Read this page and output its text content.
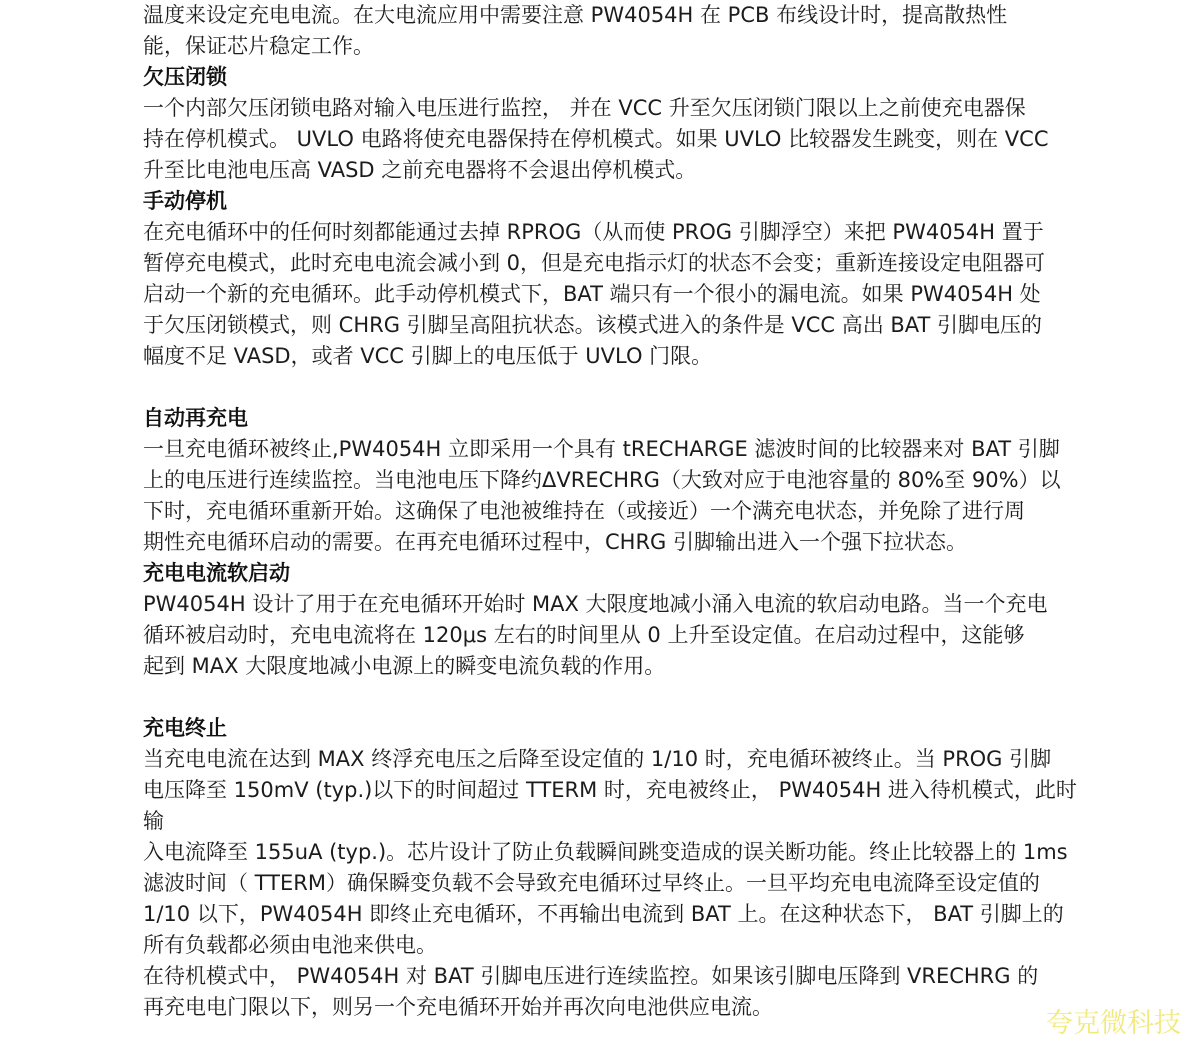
温度来设定充电电流。在大电流应用中需要注意 PW4054H 在 PCB 布线设计时，提高散热性
能，保证芯片稳定工作。
欠压闭锁
一个内部欠压闭锁电路对输入电压进行监控， 并在 VCC 升至欠压闭锁门限以上之前使充电器保
持在停机模式。 UVLO 电路将使充电器保持在停机模式。如果 UVLO 比较器发生跳变，则在 VCC
升至比电池电压高 VASD 之前充电器将不会退出停机模式。
手动停机
在充电循环中的任何时刻都能通过去掉 RPROG（从而使 PROG 引脚浮空）来把 PW4054H 置于
暂停充电模式，此时充电电流会减小到 0，但是充电指示灯的状态不会变；重新连接设定电阻器可
启动一个新的充电循环。此手动停机模式下，BAT 端只有一个很小的漏电流。如果 PW4054H 处
于欠压闭锁模式，则 CHRG 引脚呈高阻抗状态。该模式进入的条件是 VCC 高出 BAT 引脚电压的
幅度不足 VASD，或者 VCC 引脚上的电压低于 UVLO 门限。
自动再充电
一旦充电循环被终止,PW4054H 立即采用一个具有 tRECHARGE 滤波时间的比较器来对 BAT 引脚
上的电压进行连续监控。当电池电压下降约ΔVRECHRG（大致对应于电池容量的 80%至 90%）以
下时，充电循环重新开始。这确保了电池被维持在（或接近）一个满充电状态，并免除了进行周
期性充电循环启动的需要。在再充电循环过程中，CHRG 引脚输出进入一个强下拉状态。
充电电流软启动
PW4054H 设计了用于在充电循环开始时 MAX 大限度地减小涌入电流的软启动电路。当一个充电
循环被启动时，充电电流将在 120μs 左右的时间里从 0 上升至设定值。在启动过程中，这能够
起到 MAX 大限度地减小电源上的瞬变电流负载的作用。
充电终止
当充电电流在达到 MAX 终浮充电压之后降至设定值的 1/10 时，充电循环被终止。当 PROG 引脚
电压降至 150mV (typ.)以下的时间超过 TTERM 时，充电被终止， PW4054H 进入待机模式，此时
输
入电流降至 155uA (typ.)。芯片设计了防止负载瞬间跳变造成的误关断功能。终止比较器上的 1ms
滤波时间（ TTERM）确保瞬变负载不会导致充电循环过早终止。一旦平均充电电流降至设定值的
1/10 以下，PW4054H 即终止充电循环，不再输出电流到 BAT 上。在这种状态下， BAT 引脚上的
所有负载都必须由电池来供电。
在待机模式中， PW4054H 对 BAT 引脚电压进行连续监控。如果该引脚电压降到 VRECHRG 的
再充电电门限以下，则另一个充电循环开始并再次向电池供应电流。
夸克微科技
